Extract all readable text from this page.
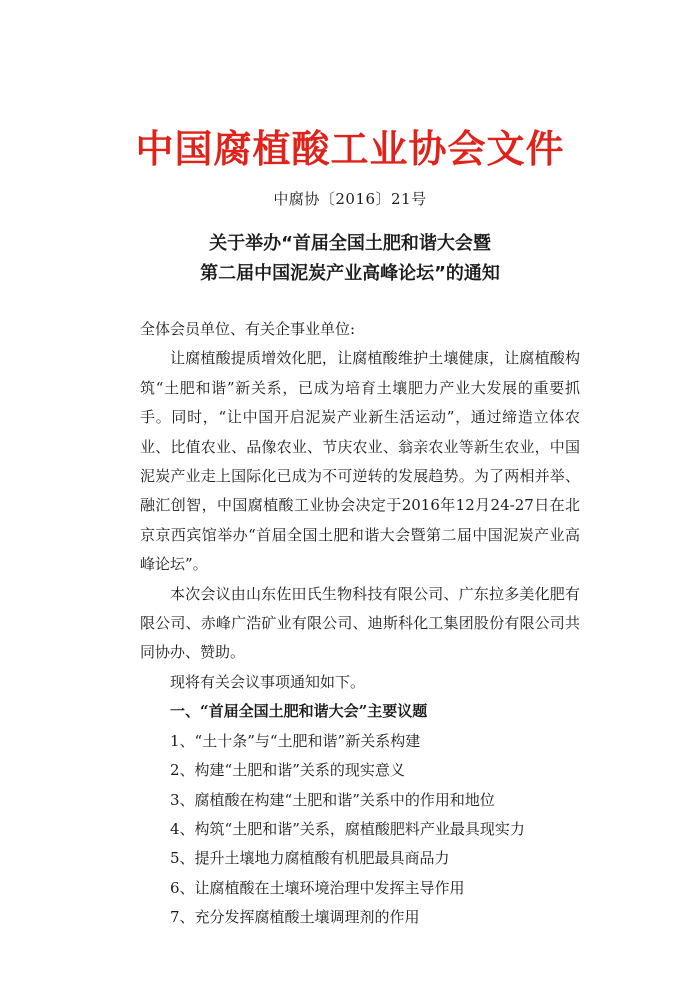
中国腐植酸工业协会文件
中腐协〔2016〕21号
关于举办“首届全国土肥和谐大会暨
第二届中国泥炭产业高峰论坛”的通知

全体会员单位、有关企事业单位:

让腐植酸提质增效化肥，让腐植酸维护土壤健康，让腐植酸构筑“土肥和谐”新关系，已成为培育土壤肥力产业大发展的重要抓手。同时，“让中国开启泥炭产业新生活运动”，通过缔造立体农业、比值农业、品像农业、节庆农业、翁亲农业等新生农业，中国泥炭产业走上国际化已成为不可逆转的发展趋势。为了两相并举、融汇创智，中国腐植酸工业协会决定于2016年12月24-27日在北京京西宾馆举办“首届全国土肥和谐大会暨第二届中国泥炭产业高峰论坛”。

本次会议由山东佐田氏生物科技有限公司、广东拉多美化肥有限公司、赤峰广浩矿业有限公司、迪斯科化工集团股份有限公司共同协办、赞助。

现将有关会议事项通知如下。

一、“首届全国土肥和谐大会”主要议题

1、“土十条”与“土肥和谐”新关系构建
2、构建“土肥和谐”关系的现实意义
3、腐植酸在构建“土肥和谐”关系中的作用和地位
4、构筑“土肥和谐”关系，腐植酸肥料产业最具现实力
5、提升土壤地力腐植酸有机肥最具商品力
6、让腐植酸在土壤环境治理中发挥主导作用
7、充分发挥腐植酸土壤调理剂的作用
